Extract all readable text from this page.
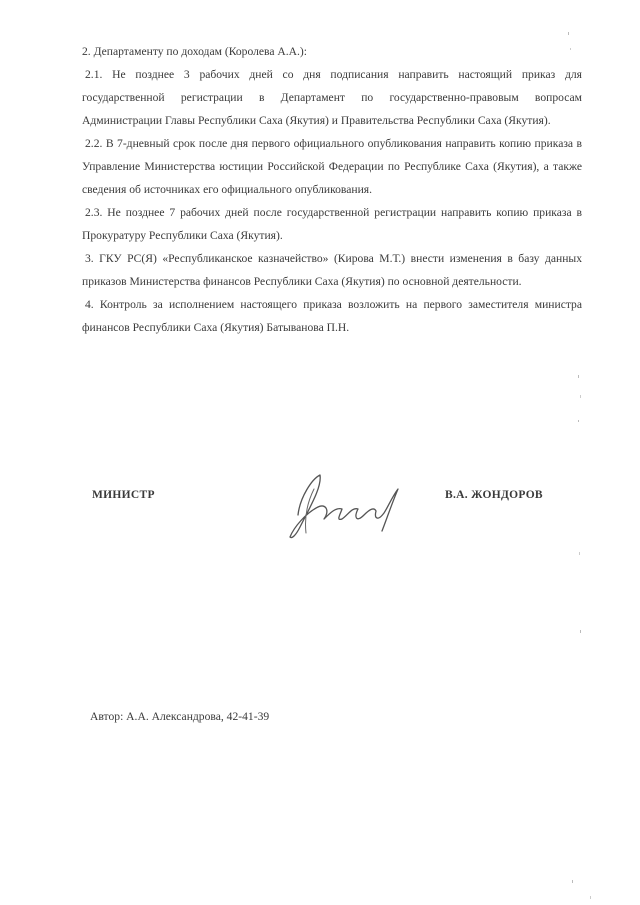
2. Департаменту по доходам (Королева А.А.):

2.1. Не позднее 3 рабочих дней со дня подписания направить настоящий приказ для государственной регистрации в Департамент по государственно-правовым вопросам Администрации Главы Республики Саха (Якутия) и Правительства Республики Саха (Якутия).

2.2. В 7-дневный срок после дня первого официального опубликования направить копию приказа в Управление Министерства юстиции Российской Федерации по Республике Саха (Якутия), а также сведения об источниках его официального опубликования.

2.3. Не позднее 7 рабочих дней после государственной регистрации направить копию приказа в Прокуратуру Республики Саха (Якутия).

3. ГКУ РС(Я) «Республиканское казначейство» (Кирова М.Т.) внести изменения в базу данных приказов Министерства финансов Республики Саха (Якутия) по основной деятельности.

4. Контроль за исполнением настоящего приказа возложить на первого заместителя министра финансов Республики Саха (Якутия) Батыванова П.Н.

МИНИСТР	В.А. ЖОНДОРОВ
Автор: А.А. Александрова, 42-41-39
